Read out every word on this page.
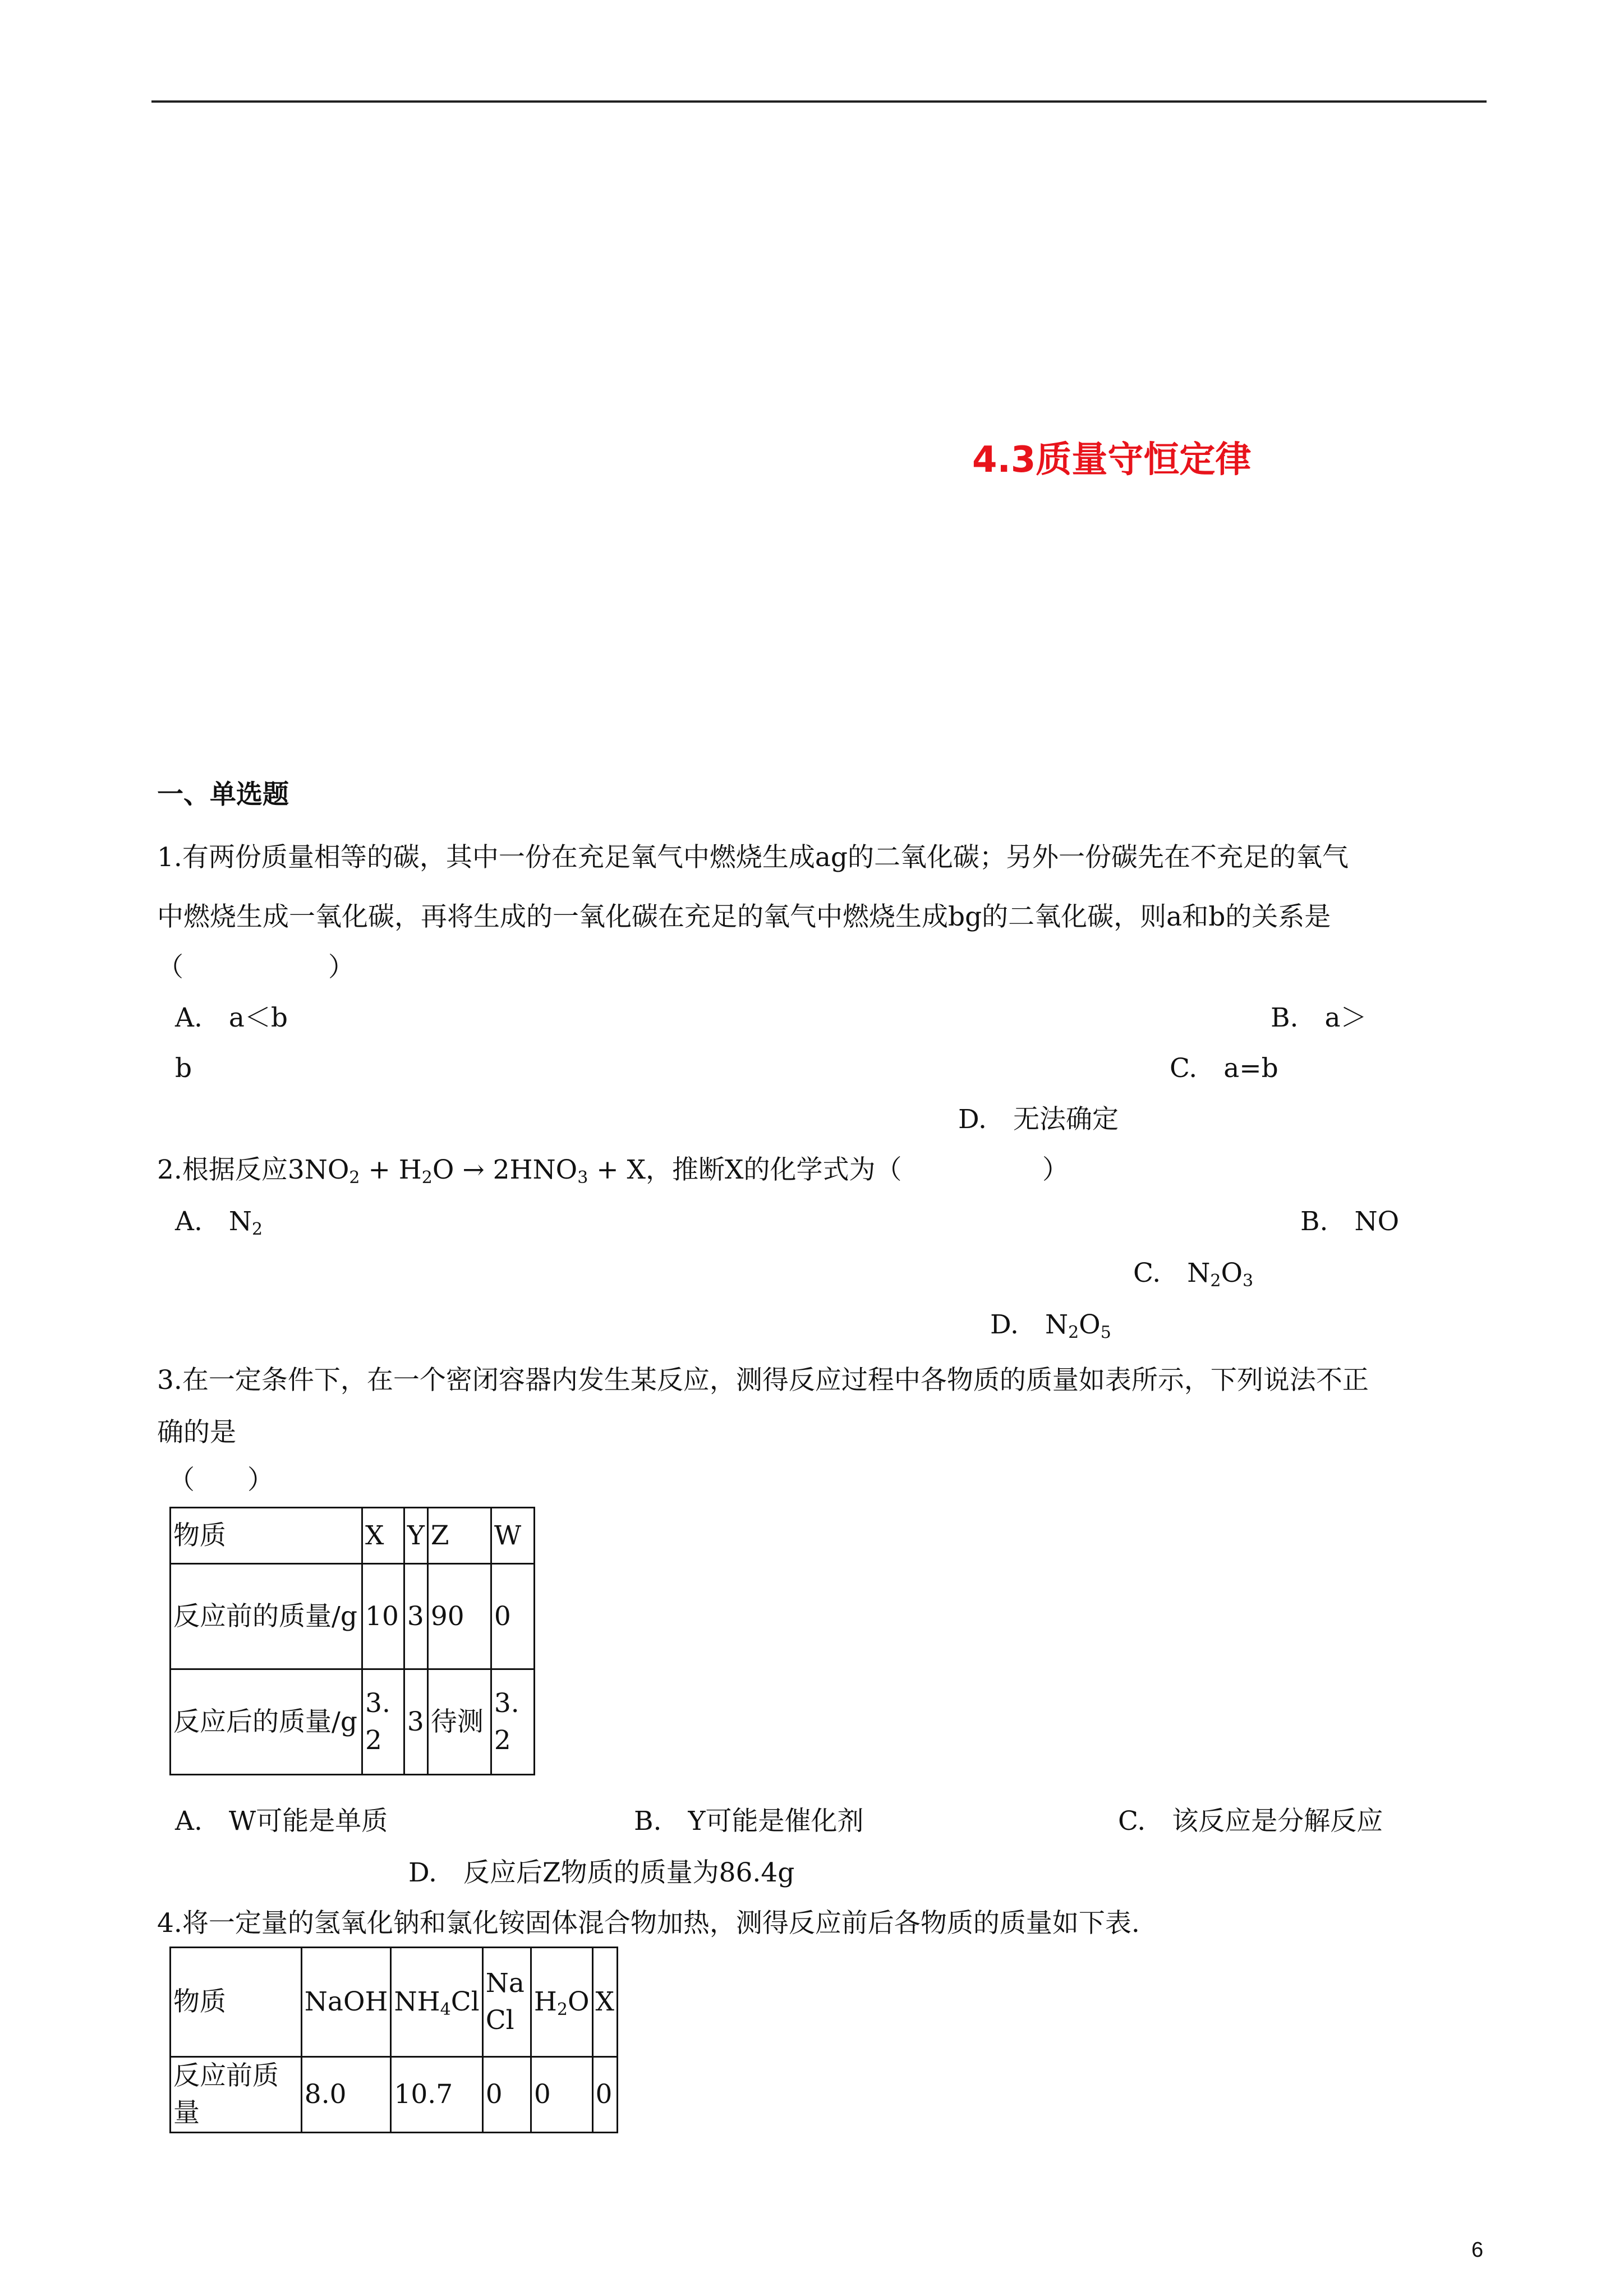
4.3质量守恒定律
一、单选题
1.有两份质量相等的碳，其中一份在充足氧气中燃烧生成ag的二氧化碳；另外一份碳先在不充足的氧气
中燃烧生成一氧化碳，再将生成的一氧化碳在充足的氧气中燃烧生成bg的二氧化碳，则a和b的关系是
（	）
A.　a＜b	B.　a＞
b	C.　a=b
D.　无法确定
2.根据反应$3NO_2 + H_2O \to 2HNO_3 + X$，推断X的化学式为（	）
A.　$N_2$	B.　NO
C.　$N_2O_3$
D.　$N_2O_5$
3.在一定条件下，在一个密闭容器内发生某反应，测得反应过程中各物质的质量如表所示，下列说法不正
确的是
（　　）
物质	X	Y	Z	W
反应前的质量/g	10	3	90	0
反应后的质量/g	3.2	3	待测	3.2
A.　W可能是单质	B.　Y可能是催化剂	C.　该反应是分解反应
D.　反应后Z物质的质量为86.4g
4.将一定量的氢氧化钠和氯化铵固体混合物加热，测得反应前后各物质的质量如下表.
物质	NaOH	$NH_4Cl$	NaCl	$H_2O$	X
反应前质量	8.0	10.7	0	0	0
6
